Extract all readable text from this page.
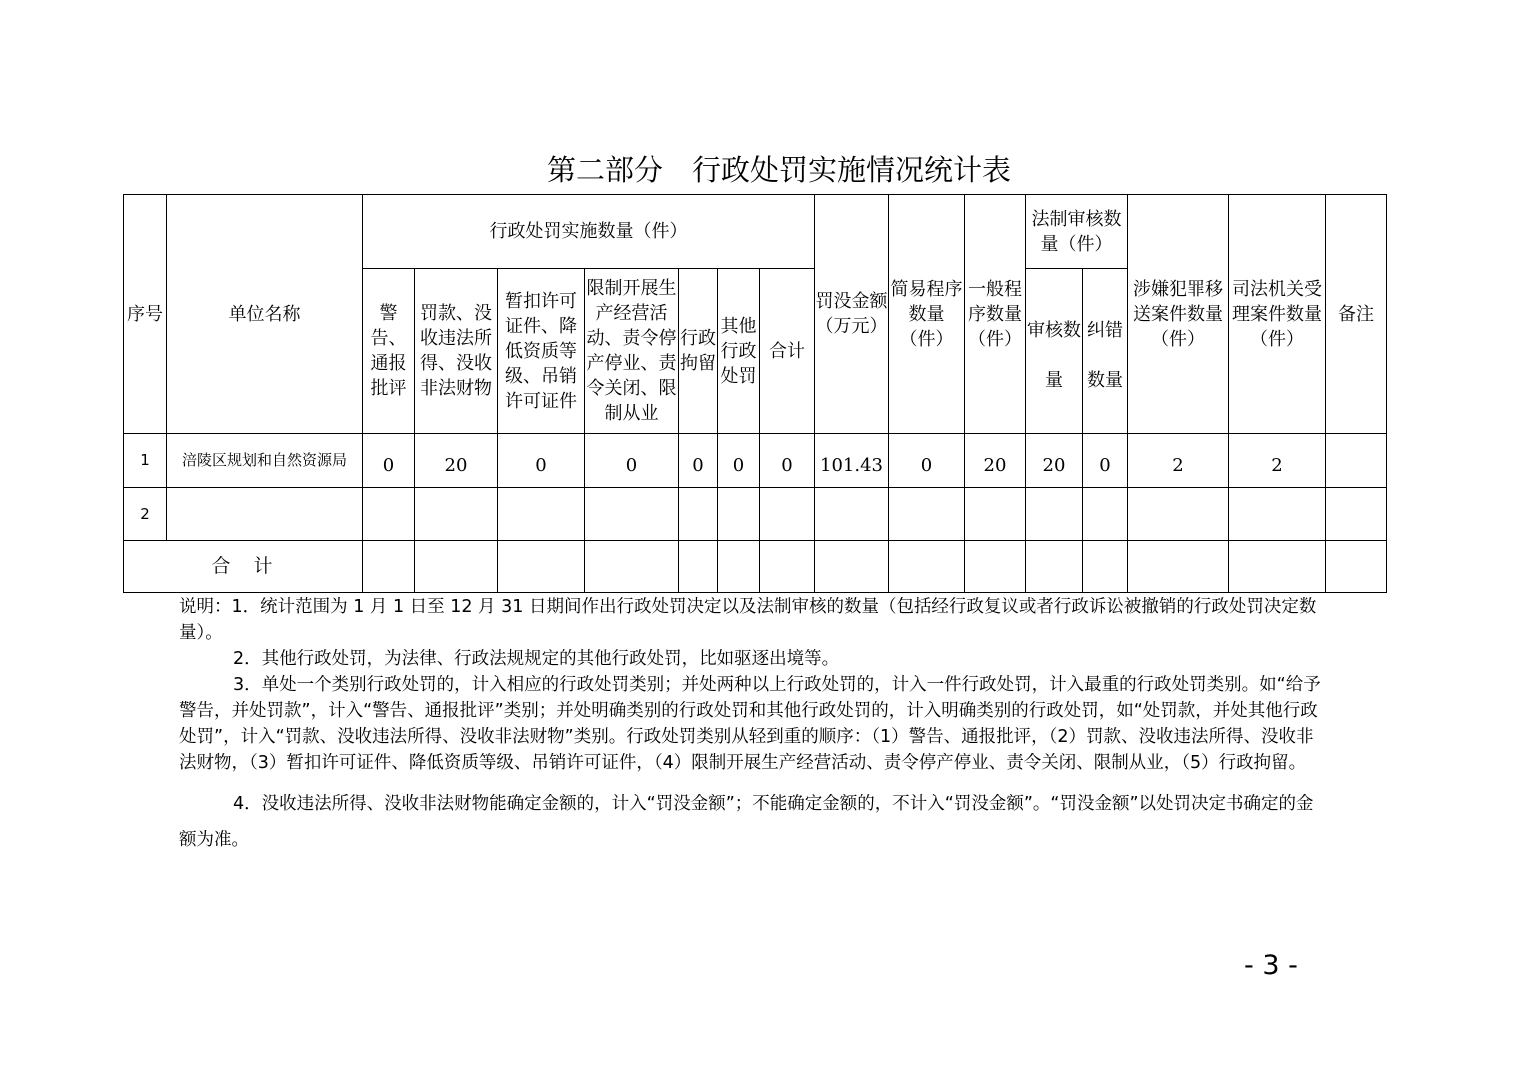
第二部分　行政处罚实施情况统计表
序号	单位名称	行政处罚实施数量（件）							罚没金额（万元）	简易程序数量（件）	一般程序数量（件）	法制审核数量（件）		涉嫌犯罪移送案件数量（件）	司法机关受理案件数量（件）	备注
		警告、通报批评	罚款、没收违法所得、没收非法财物	暂扣许可证件、降低资质等级、吊销许可证件	限制开展生产经营活动、责令停产停业、责令关闭、限制从业	行政拘留	其他行政处罚	合计				审核数量	纠错数量			
1	涪陵区规划和自然资源局	0	20	0	0	0	0	0	101.43	0	20	20	0	2	2	
2																
合　计																

说明：1．统计范围为 1 月 1 日至 12 月 31 日期间作出行政处罚决定以及法制审核的数量（包括经行政复议或者行政诉讼被撤销的行政处罚决定数量）。

2．其他行政处罚，为法律、行政法规规定的其他行政处罚，比如驱逐出境等。

3．单处一个类别行政处罚的，计入相应的行政处罚类别；并处两种以上行政处罚的，计入一件行政处罚，计入最重的行政处罚类别。如“给予警告，并处罚款”，计入“警告、通报批评”类别；并处明确类别的行政处罚和其他行政处罚的，计入明确类别的行政处罚，如“处罚款，并处其他行政处罚”，计入“罚款、没收违法所得、没收非法财物”类别。行政处罚类别从轻到重的顺序：（1）警告、通报批评，（2）罚款、没收违法所得、没收非法财物，（3）暂扣许可证件、降低资质等级、吊销许可证件，（4）限制开展生产经营活动、责令停产停业、责令关闭、限制从业，（5）行政拘留。

4．没收违法所得、没收非法财物能确定金额的，计入“罚没金额”；不能确定金额的，不计入“罚没金额”。“罚没金额”以处罚决定书确定的金额为准。

- 3 -
